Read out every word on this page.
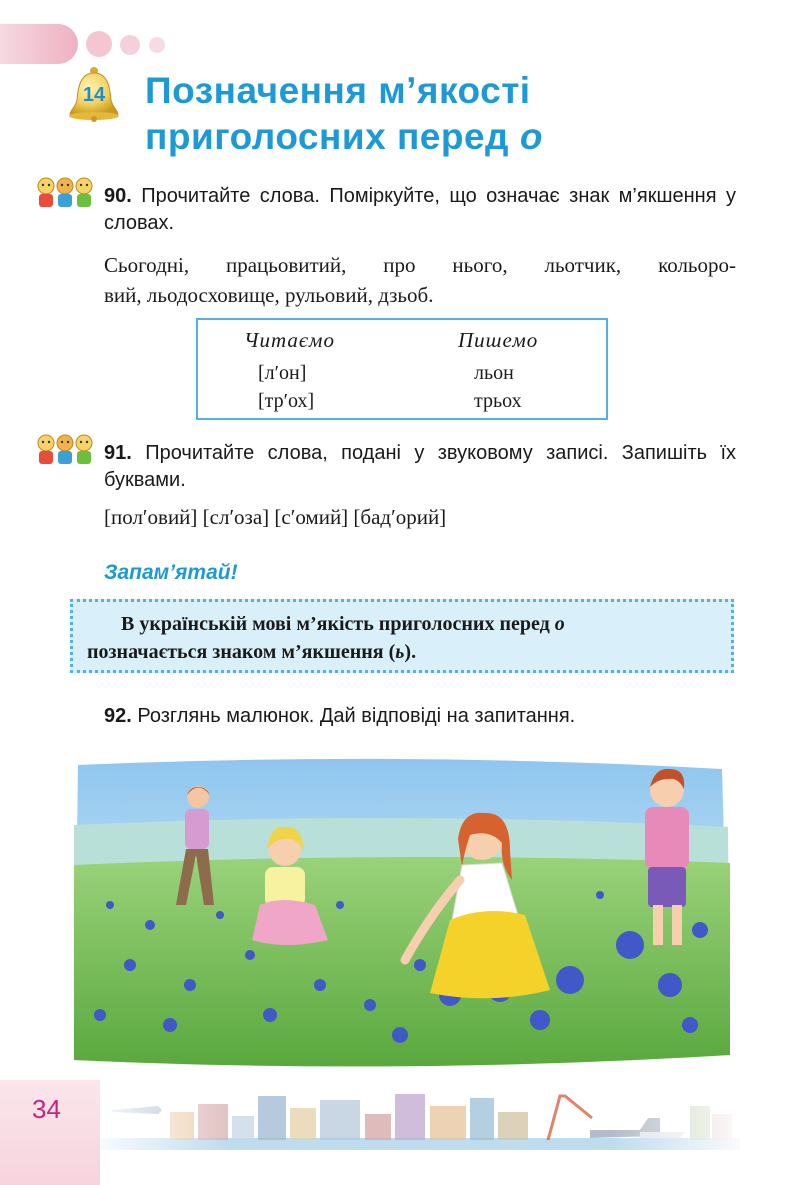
14	Позначення м’якості
приголосних перед о
90. Прочитайте слова. Поміркуйте, що означає знак м’якшення у словах.
Сьогодні, працьовитий, про нього, льотчик, кольоро-
вий, льодосховище, рульовий, дзьоб.
Читаємо	Пишемо
[л′он]	льон
[тр′ох]	трьох
91. Прочитайте слова, подані у звуковому записі. Запишіть їх буквами.
[пол′овий] [сл′оза] [с′омий] [бад′орий]
Запам’ятай!
В українській мові м’якість приголосних перед о
позначається знаком м’якшення (ь).
92. Розглянь малюнок. Дай відповіді на запитання.
34
